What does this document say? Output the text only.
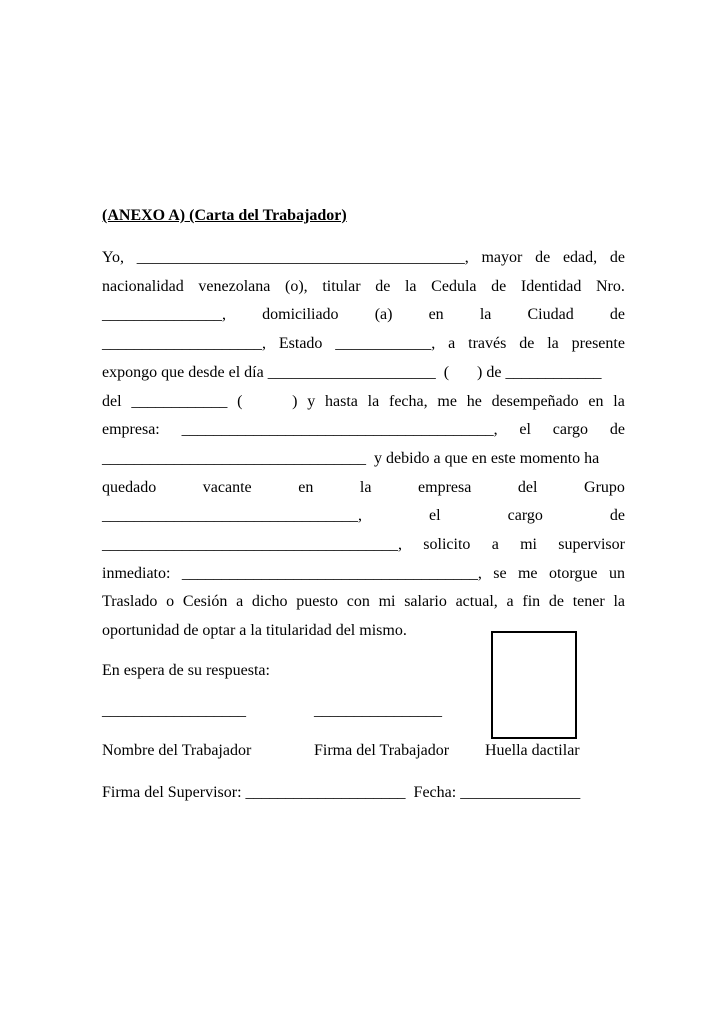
(ANEXO A) (Carta del Trabajador)
Yo, _________________________________________, mayor de edad, de
nacionalidad venezolana (o), titular de la Cedula de Identidad Nro.
_______________, domiciliado (a) en la Ciudad de
____________________, Estado ____________, a través de la presente
expongo que desde el día _____________________  (       ) de ____________
del ____________ ( ) y hasta la fecha, me he desempeñado en la
empresa: _______________________________________, el cargo de
_________________________________  y debido a que en este momento ha
quedado	vacante	en	la	empresa	del	Grupo
________________________________,	el	cargo	de
_____________________________________, solicito a mi supervisor
inmediato: _____________________________________, se me otorgue un
Traslado o Cesión a dicho puesto con mi salario actual, a fin de tener la
oportunidad de optar a la titularidad del mismo.
En espera de su respuesta:
__________________	________________
Nombre del Trabajador	Firma del Trabajador Huella dactilar
Firma del Supervisor: ____________________  Fecha: _______________
